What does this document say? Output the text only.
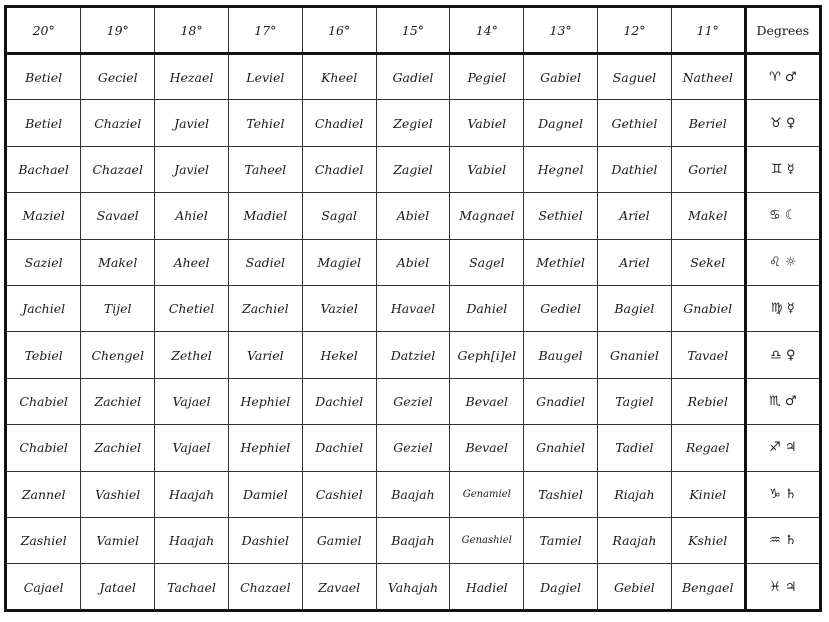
20°	19°	18°	17°	16°	15°	14°	13°	12°	11°	Degrees
Betiel	Geciel	Hezael	Leviel	Kheel	Gadiel	Pegiel	Gabiel	Saguel	Natheel	♈ ♂
Betiel	Chaziel	Javiel	Tehiel	Chadiel	Zegiel	Vabiel	Dagnel	Gethiel	Beriel	♉ ♀
Bachael	Chazael	Javiel	Taheel	Chadiel	Zagiel	Vabiel	Hegnel	Dathiel	Goriel	♊ ☿
Maziel	Savael	Ahiel	Madiel	Sagal	Abiel	Magnael	Sethiel	Ariel	Makel	♋ ☾
Saziel	Makel	Aheel	Sadiel	Magiel	Abiel	Sagel	Methiel	Ariel	Sekel	♌ ☼
Jachiel	Tijel	Chetiel	Zachiel	Vaziel	Havael	Dahiel	Gediel	Bagiel	Gnabiel	♍ ☿
Tebiel	Chengel	Zethel	Variel	Hekel	Datziel	Geph[i]el	Baugel	Gnaniel	Tavael	♎ ♀
Chabiel	Zachiel	Vajael	Hephiel	Dachiel	Geziel	Bevael	Gnadiel	Tagiel	Rebiel	♏ ♂
Chabiel	Zachiel	Vajael	Hephiel	Dachiel	Geziel	Bevael	Gnahiel	Tadiel	Regael	♐ ♃
Zannel	Vashiel	Haajah	Damiel	Cashiel	Baajah	Genamiel	Tashiel	Riajah	Kiniel	♑ ♄
Zashiel	Vamiel	Haajah	Dashiel	Gamiel	Baajah	Genashiel	Tamiel	Raajah	Kshiel	♒ ♄
Cajael	Jatael	Tachael	Chazael	Zavael	Vahajah	Hadiel	Dagiel	Gebiel	Bengael	♓ ♃
